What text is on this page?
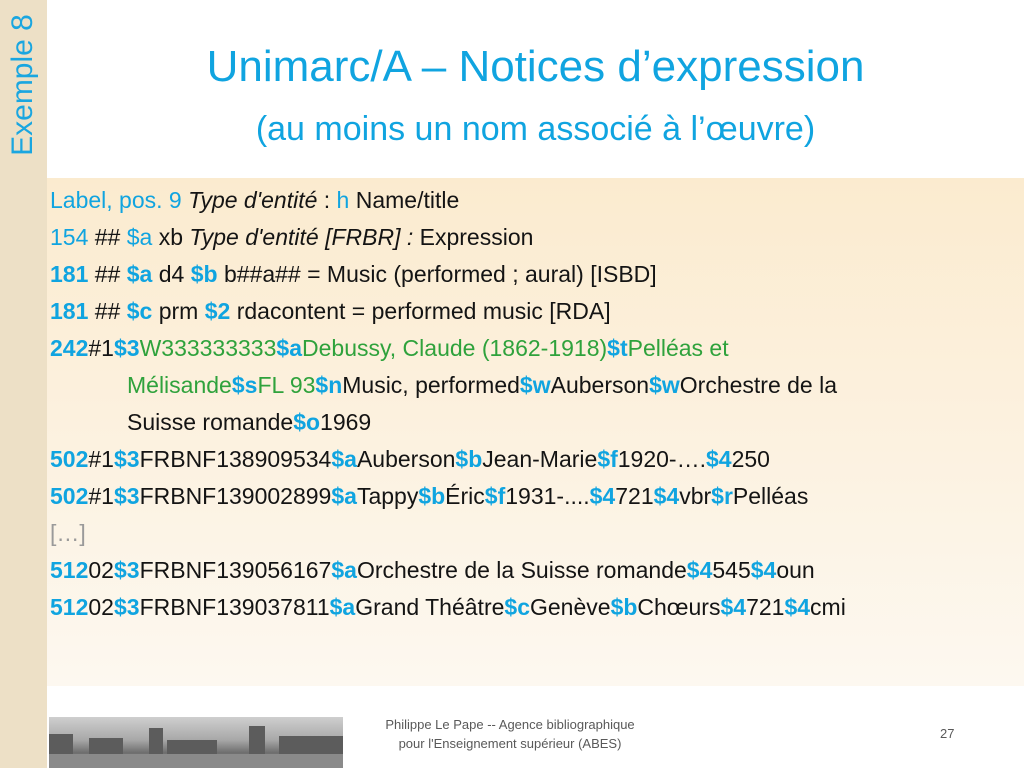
Exemple 8	Unimarc/A – Notices d’expression
(au moins un nom associé à l’œuvre)
Label, pos. 9 Type d'entité : h Name/title
154 ## $a xb Type d'entité [FRBR] : Expression
181 ## $a d4 $b b##a## = Music (performed ; aural) [ISBD]
181 ## $c prm $2 rdacontent = performed music [RDA]
242#1$3W333333333$aDebussy, Claude (1862-1918)$tPelléas et
Mélisande$sFL 93$nMusic, performed$wAuberson$wOrchestre de la
Suisse romande$o1969
502#1$3FRBNF138909534$aAuberson$bJean-Marie$f1920-….$4250
502#1$3FRBNF139002899$aTappy$bÉric$f1931-....$4721$4vbr$rPelléas
[…]
51202$3FRBNF139056167$aOrchestre de la Suisse romande$4545$4oun
51202$3FRBNF139037811$aGrand Théâtre$cGenève$bChœurs$4721$4cmi
Philippe Le Pape -- Agence bibliographique
pour l'Enseignement supérieur (ABES)
27
